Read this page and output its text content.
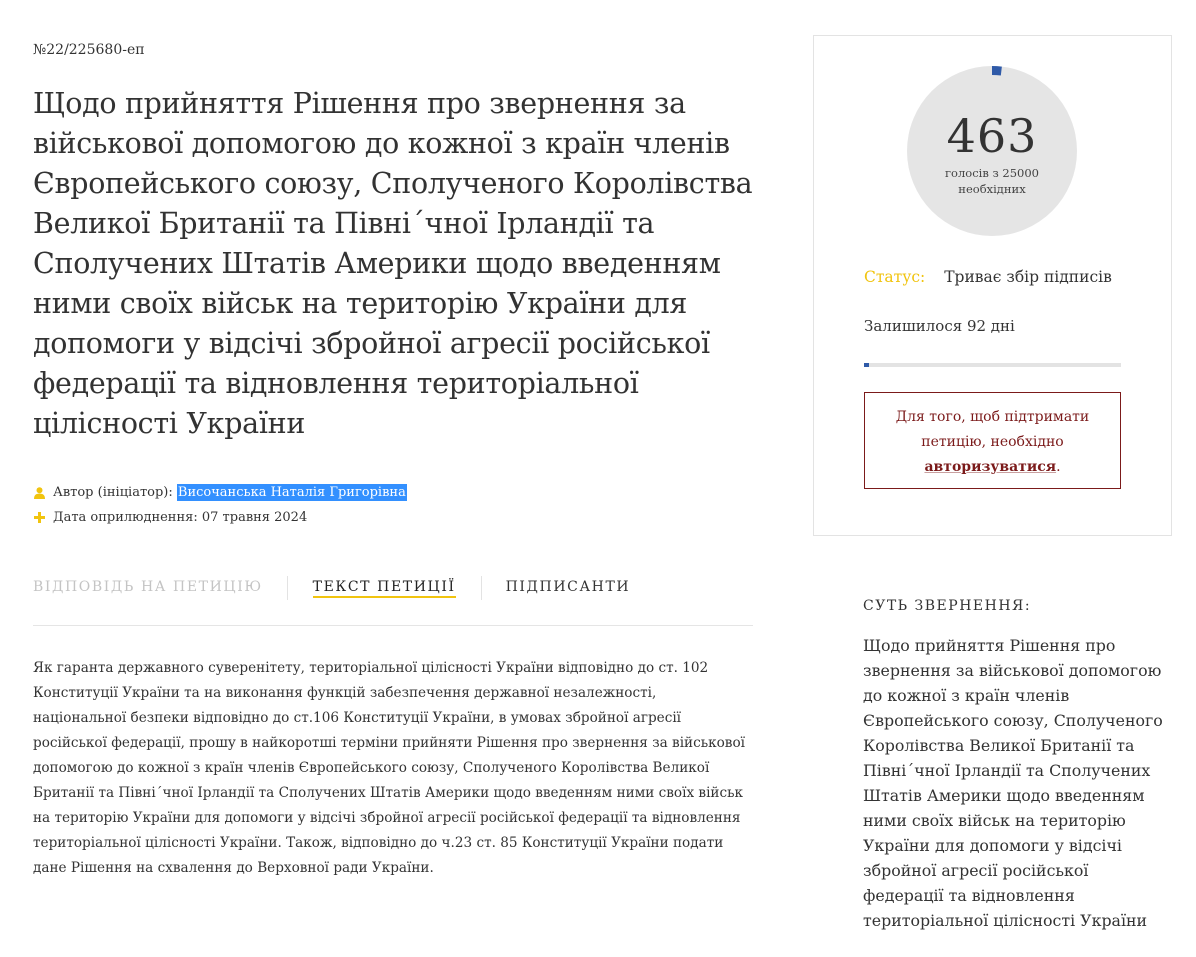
№22/225680-еп
Щодо прийняття Рішення про звернення за військової допомогою до кожної з країн членів Європейського союзу, Сполученого Королівства Великої Британії та Півні´чної Ірландії та Сполучених Штатів Америки щодо введенням ними своїх військ на територію України для допомоги у відсічі збройної агресії російської федерації та відновлення територіальної цілісності України
Автор (ініціатор):
Височанська Наталія Григорівна
Дата оприлюднення:
07 травня 2024
ВІДПОВІДЬ НА ПЕТИЦІЮ	ТЕКСТ ПЕТИЦІЇ	ПІДПИСАНТИ
Як гаранта державного суверенітету, територіальної цілісності України відповідно до ст. 102 Конституції України та на виконання функцій забезпечення державної незалежності, національної безпеки відповідно до ст.106 Конституції України, в умовах збройної агресії російської федерації, прошу в найкоротші терміни прийняти Рішення про звернення за військової допомогою до кожної з країн членів Європейського союзу, Сполученого Королівства Великої Британії та Півні´чної Ірландії та Сполучених Штатів Америки щодо введенням ними своїх військ на територію України для допомоги у відсічі збройної агресії російської федерації та відновлення територіальної цілісності України. Також, відповідно до ч.23 ст. 85 Конституції України подати дане Рішення на схвалення до Верховної ради України.
463
голосів з 25000
необхідних
Статус: Триває збір підписів
Залишилося 92 дні
Для того, щоб підтримати
петицію, необхідно
авторизуватися.
СУТЬ ЗВЕРНЕННЯ:
Щодо прийняття Рішення про звернення за військової допомогою до кожної з країн членів Європейського союзу, Сполученого Королівства Великої Британії та Півні´чної Ірландії та Сполучених Штатів Америки щодо введенням ними своїх військ на територію України для допомоги у відсічі збройної агресії російської федерації та відновлення територіальної цілісності України
